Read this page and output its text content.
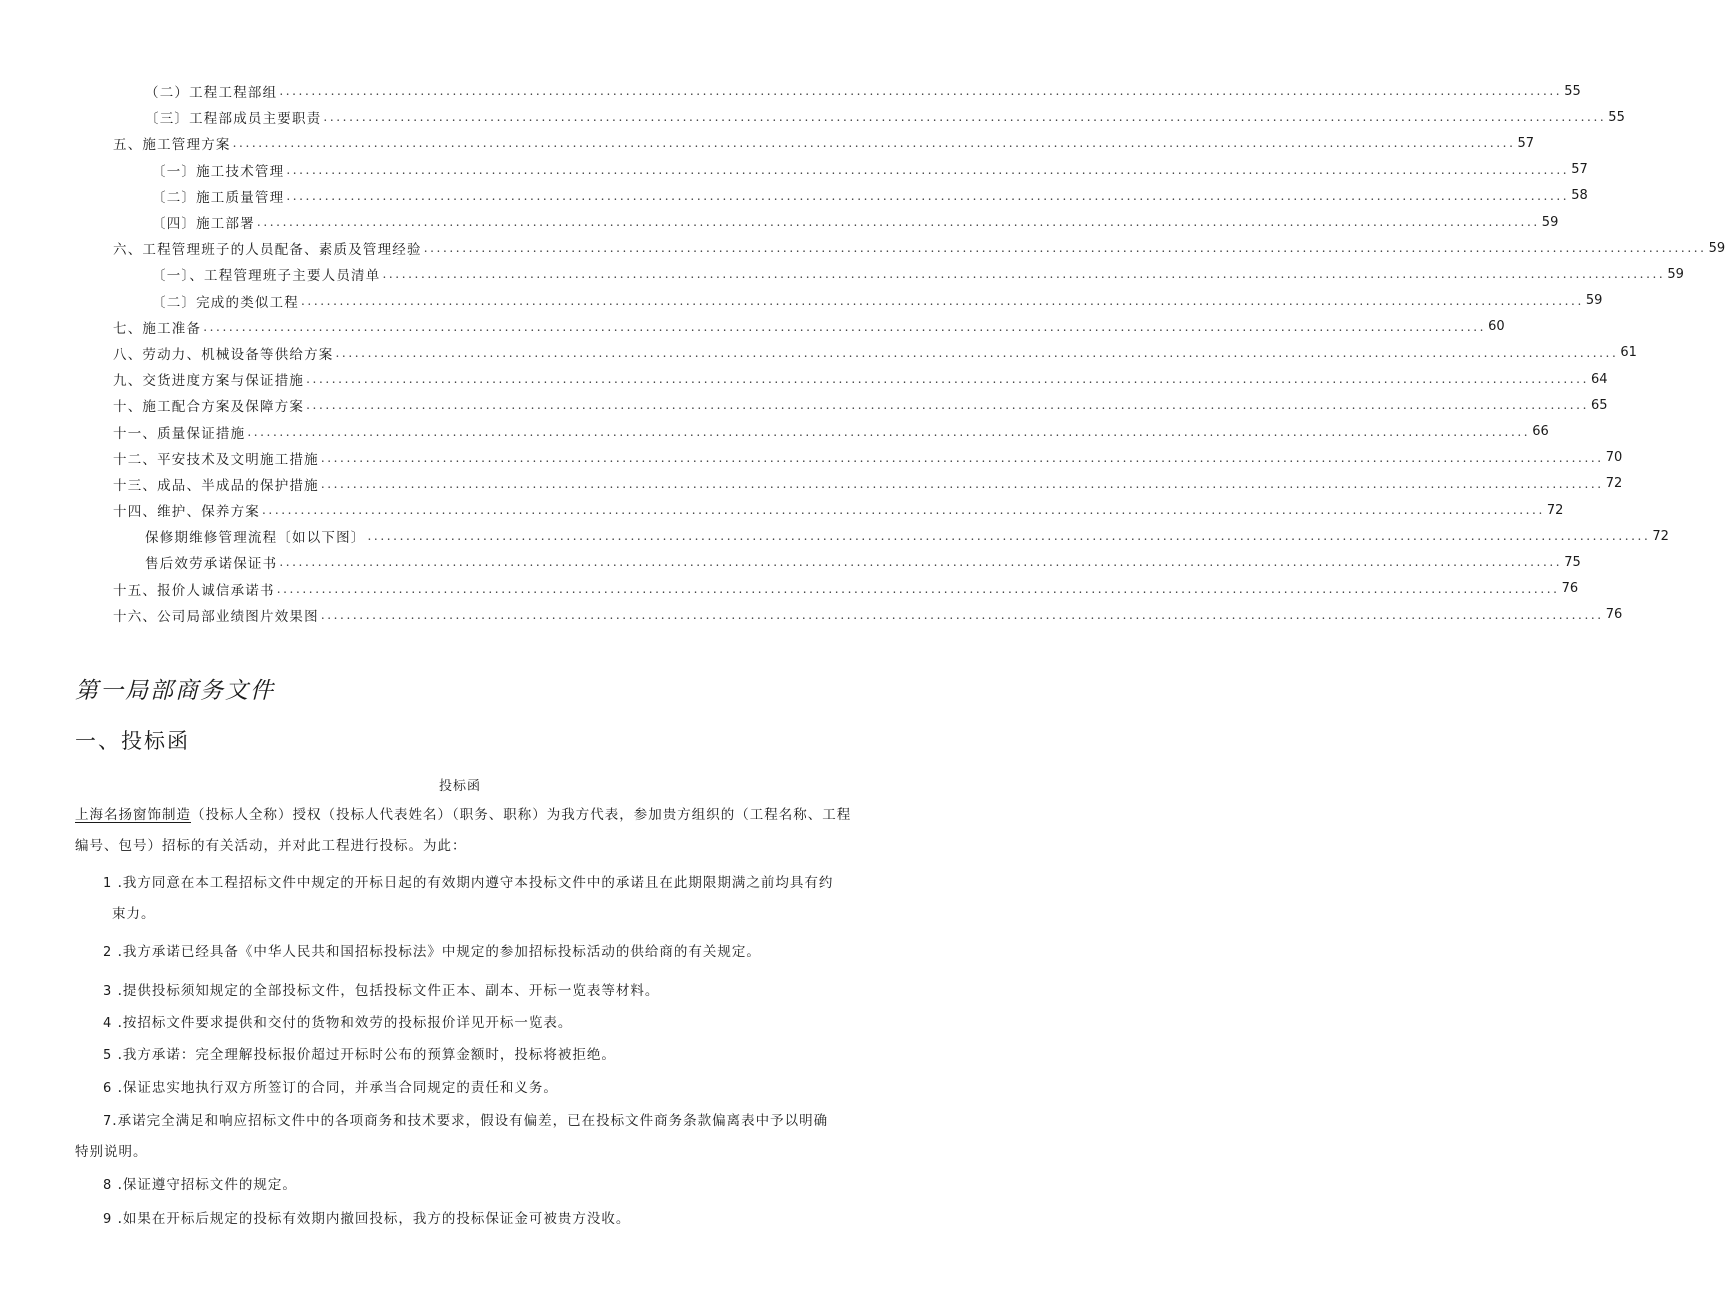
（二）工程工程部组 ........................................................................................................................................................................................................ 55
〔三〕工程部成员主要职责 ........................................................................................................................................................................................................ 55
五、施工管理方案 ........................................................................................................................................................................................................ 57
〔一〕施工技术管理 ........................................................................................................................................................................................................ 57
〔二〕施工质量管理 ........................................................................................................................................................................................................ 58
〔四〕施工部署 ........................................................................................................................................................................................................ 59
六、工程管理班子的人员配备、素质及管理经验 ........................................................................................................................................................................................................ 59
〔一〕、工程管理班子主要人员清单 ........................................................................................................................................................................................................ 59
〔二〕完成的类似工程 ........................................................................................................................................................................................................ 59
七、施工准备 ........................................................................................................................................................................................................ 60
八、劳动力、机械设备等供给方案 ........................................................................................................................................................................................................ 61
九、交货进度方案与保证措施 ........................................................................................................................................................................................................ 64
十、施工配合方案及保障方案 ........................................................................................................................................................................................................ 65
十一、质量保证措施 ........................................................................................................................................................................................................ 66
十二、平安技术及文明施工措施 ........................................................................................................................................................................................................ 70
十三、成品、半成品的保护措施 ........................................................................................................................................................................................................ 72
十四、维护、保养方案 ........................................................................................................................................................................................................ 72
保修期维修管理流程〔如以下图〕 ........................................................................................................................................................................................................ 72
售后效劳承诺保证书 ........................................................................................................................................................................................................ 75
十五、报价人诚信承诺书 ........................................................................................................................................................................................................ 76
十六、公司局部业绩图片效果图 ........................................................................................................................................................................................................ 76
第一局部商务文件
一、投标函
投标函
上海名扬窗饰制造（投标人全称）授权（投标人代表姓名）（职务、职称）为我方代表，参加贵方组织的（工程名称、工程编号、包号）招标的有关活动，并对此工程进行投标。为此：
1 .我方同意在本工程招标文件中规定的开标日起的有效期内遵守本投标文件中的承诺且在此期限期满之前均具有约
束力。
2 .我方承诺已经具备《中华人民共和国招标投标法》中规定的参加招标投标活动的供给商的有关规定。
3 .提供投标须知规定的全部投标文件，包括投标文件正本、副本、开标一览表等材料。
4 .按招标文件要求提供和交付的货物和效劳的投标报价详见开标一览表。
5 .我方承诺：完全理解投标报价超过开标时公布的预算金额时，投标将被拒绝。
6 .保证忠实地执行双方所签订的合同，并承当合同规定的责任和义务。
7.承诺完全满足和响应招标文件中的各项商务和技术要求，假设有偏差，已在投标文件商务条款偏离表中予以明确
特别说明。
8 .保证遵守招标文件的规定。
9 .如果在开标后规定的投标有效期内撤回投标，我方的投标保证金可被贵方没收。
